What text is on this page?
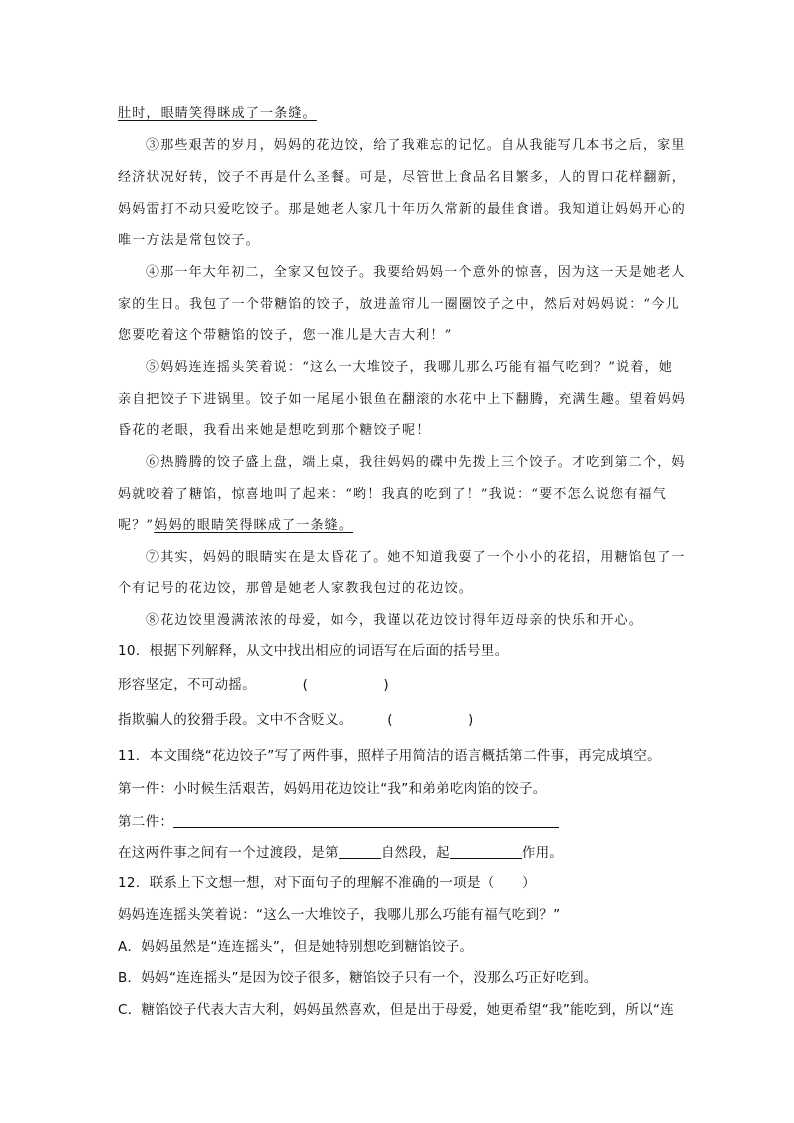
肚时，眼睛笑得眯成了一条缝。
③那些艰苦的岁月，妈妈的花边饺，给了我难忘的记忆。自从我能写几本书之后，家里
经济状况好转，饺子不再是什么圣餐。可是，尽管世上食品名目繁多，人的胃口花样翻新，
妈妈雷打不动只爱吃饺子。那是她老人家几十年历久常新的最佳食谱。我知道让妈妈开心的
唯一方法是常包饺子。
④那一年大年初二，全家又包饺子。我要给妈妈一个意外的惊喜，因为这一天是她老人
家的生日。我包了一个带糖馅的饺子，放进盖帘儿一圈圈饺子之中，然后对妈妈说：“今儿
您要吃着这个带糖馅的饺子，您一准儿是大吉大利！”
⑤妈妈连连摇头笑着说：“这么一大堆饺子，我哪儿那么巧能有福气吃到？”说着，她
亲自把饺子下进锅里。饺子如一尾尾小银鱼在翻滚的水花中上下翻腾，充满生趣。望着妈妈
昏花的老眼，我看出来她是想吃到那个糖饺子呢！
⑥热腾腾的饺子盛上盘，端上桌，我往妈妈的碟中先拨上三个饺子。才吃到第二个，妈
妈就咬着了糖馅，惊喜地叫了起来：“哟！我真的吃到了！”我说：“要不怎么说您有福气
呢？”妈妈的眼睛笑得眯成了一条缝。
⑦其实，妈妈的眼睛实在是太昏花了。她不知道我耍了一个小小的花招，用糖馅包了一
个有记号的花边饺，那曾是她老人家教我包过的花边饺。
⑧花边饺里漫满浓浓的母爱，如今，我谨以花边饺讨得年迈母亲的快乐和开心。
10．根据下列解释，从文中找出相应的词语写在后面的括号里。
形容坚定，不可动摇。	(	)
指欺骗人的狡猾手段。文中不含贬义。	(	)
11．本文围绕“花边饺子”写了两件事，照样子用简洁的语言概括第二件事，再完成填空。
第一件：小时候生活艰苦，妈妈用花边饺让“我”和弟弟吃肉馅的饺子。
第二件：
在这两件事之间有一个过渡段，是第	自然段，起	作用。
12．联系上下文想一想，对下面句子的理解不准确的一项是（　　）
妈妈连连摇头笑着说：“这么一大堆饺子，我哪儿那么巧能有福气吃到？”
A．妈妈虽然是“连连摇头”，但是她特别想吃到糖馅饺子。
B．妈妈“连连摇头”是因为饺子很多，糖馅饺子只有一个，没那么巧正好吃到。
C．糖馅饺子代表大吉大利，妈妈虽然喜欢，但是出于母爱，她更希望“我”能吃到，所以“连
